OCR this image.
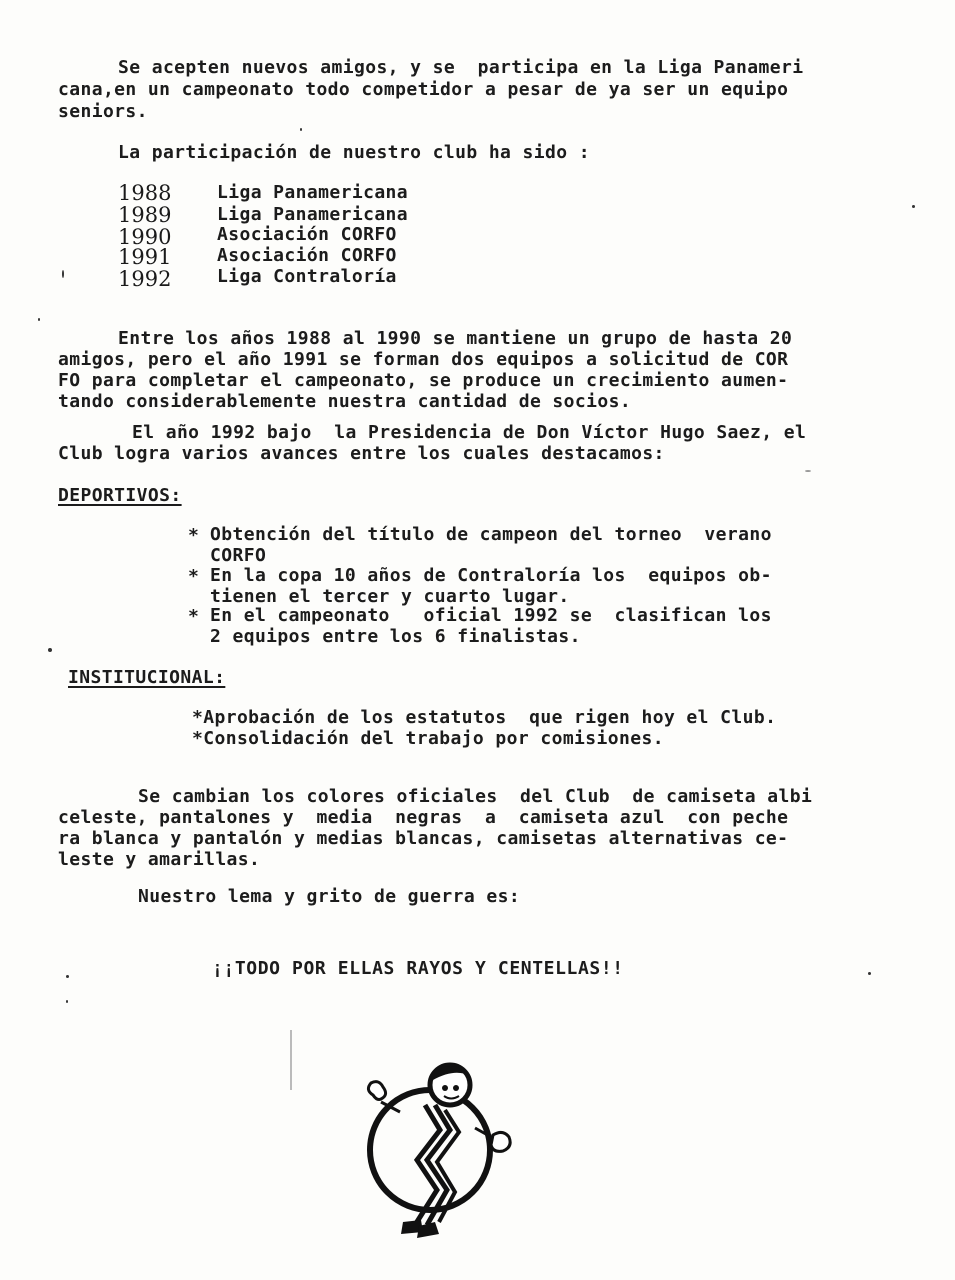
Se acepten nuevos amigos, y se  participa en la Liga Panameri
cana,en un campeonato todo competidor a pesar de ya ser un equipo
seniors.
La participación de nuestro club ha sido :
1988	Liga Panamericana
1989	Liga Panamericana
1990	Asociación CORFO
1991	Asociación CORFO
1992	Liga Contraloría
Entre los años 1988 al 1990 se mantiene un grupo de hasta 20
amigos, pero el año 1991 se forman dos equipos a solicitud de COR
FO para completar el campeonato, se produce un crecimiento aumen-
tando considerablemente nuestra cantidad de socios.
El año 1992 bajo  la Presidencia de Don Víctor Hugo Saez, el
Club logra varios avances entre los cuales destacamos:
DEPORTIVOS:
* Obtención del título de campeon del torneo  verano
CORFO
* En la copa 10 años de Contraloría los  equipos ob-
tienen el tercer y cuarto lugar.
* En el campeonato   oficial 1992 se  clasifican los
2 equipos entre los 6 finalistas.
INSTITUCIONAL:
*Aprobación de los estatutos  que rigen hoy el Club.
*Consolidación del trabajo por comisiones.
Se cambian los colores oficiales  del Club  de camiseta albi
celeste, pantalones y  media  negras  a  camiseta azul  con peche
ra blanca y pantalón y medias blancas, camisetas alternativas ce-
leste y amarillas.
Nuestro lema y grito de guerra es:
¡¡TODO POR ELLAS RAYOS Y CENTELLAS!!
